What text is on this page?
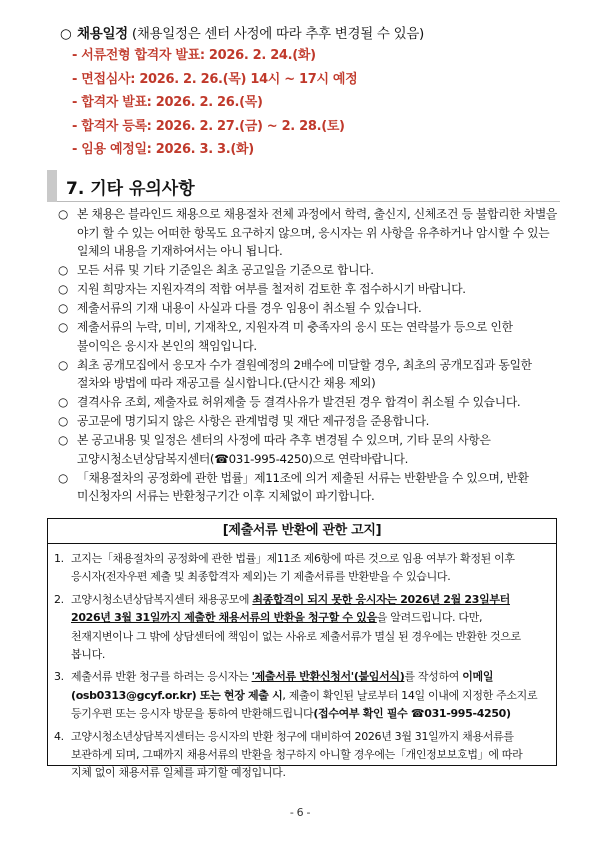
○ 채용일정 (채용일정은 센터 사정에 따라 추후 변경될 수 있음)
- 서류전형 합격자 발표: 2026. 2. 24.(화)
- 면접심사: 2026. 2. 26.(목) 14시 ~ 17시 예정
- 합격자 발표: 2026. 2. 26.(목)
- 합격자 등록: 2026. 2. 27.(금) ~ 2. 28.(토)
- 임용 예정일: 2026. 3. 3.(화)
7. 기타 유의사항
○ 본 채용은 블라인드 채용으로 채용절차 전체 과정에서 학력, 출신지, 신체조건 등 불합리한 차별을 야기 할 수 있는 어떠한 항목도 요구하지 않으며, 응시자는 위 사항을 유추하거나 암시할 수 있는 일체의 내용을 기재하여서는 아니 됩니다.
○ 모든 서류 및 기타 기준일은 최초 공고일을 기준으로 합니다.
○ 지원 희망자는 지원자격의 적합 여부를 철저히 검토한 후 접수하시기 바랍니다.
○ 제출서류의 기재 내용이 사실과 다를 경우 임용이 취소될 수 있습니다.
○ 제출서류의 누락, 미비, 기재착오, 지원자격 미 충족자의 응시 또는 연락불가 등으로 인한 불이익은 응시자 본인의 책임입니다.
○ 최초 공개모집에서 응모자 수가 결원예정의 2배수에 미달할 경우, 최초의 공개모집과 동일한 절차와 방법에 따라 재공고를 실시합니다.(단시간 채용 제외)
○ 결격사유 조회, 제출자료 허위제출 등 결격사유가 발견된 경우 합격이 취소될 수 있습니다.
○ 공고문에 명기되지 않은 사항은 관계법령 및 재단 제규정을 준용합니다.
○ 본 공고내용 및 일정은 센터의 사정에 따라 추후 변경될 수 있으며, 기타 문의 사항은 고양시청소년상담복지센터(☎031-995-4250)으로 연락바랍니다.
○ 「채용절차의 공정화에 관한 법률」제11조에 의거 제출된 서류는 반환받을 수 있으며, 반환 미신청자의 서류는 반환청구기간 이후 지체없이 파기합니다.
[제출서류 반환에 관한 고지]
1. 고지는「채용절차의 공정화에 관한 법률」제11조 제6항에 따른 것으로 임용 여부가 확정된 이후 응시자(전자우편 제출 및 최종합격자 제외)는 기 제출서류를 반환받을 수 있습니다.
2. 고양시청소년상담복지센터 채용공모에 최종합격이 되지 못한 응시자는 2026년 2월 23일부터 2026년 3월 31일까지 제출한 채용서류의 반환을 청구할 수 있음을 알려드립니다. 다만, 천재지변이나 그 밖에 상담센터에 책임이 없는 사유로 제출서류가 멸실 된 경우에는 반환한 것으로 봅니다.
3. 제출서류 반환 청구를 하려는 응시자는 '제출서류 반환신청서'(붙임서식)를 작성하여 이메일(osb0313@gcyf.or.kr) 또는 현장 제출 시, 제출이 확인된 날로부터 14일 이내에 지정한 주소지로 등기우편 또는 응시자 방문을 통하여 반환해드립니다(접수여부 확인 필수 ☎031-995-4250)
4. 고양시청소년상담복지센터는 응시자의 반환 청구에 대비하여 2026년 3월 31일까지 채용서류를 보관하게 되며, 그때까지 채용서류의 반환을 청구하지 아니할 경우에는「개인정보보호법」에 따라 지체 없이 채용서류 일체를 파기할 예정입니다.
- 6 -
